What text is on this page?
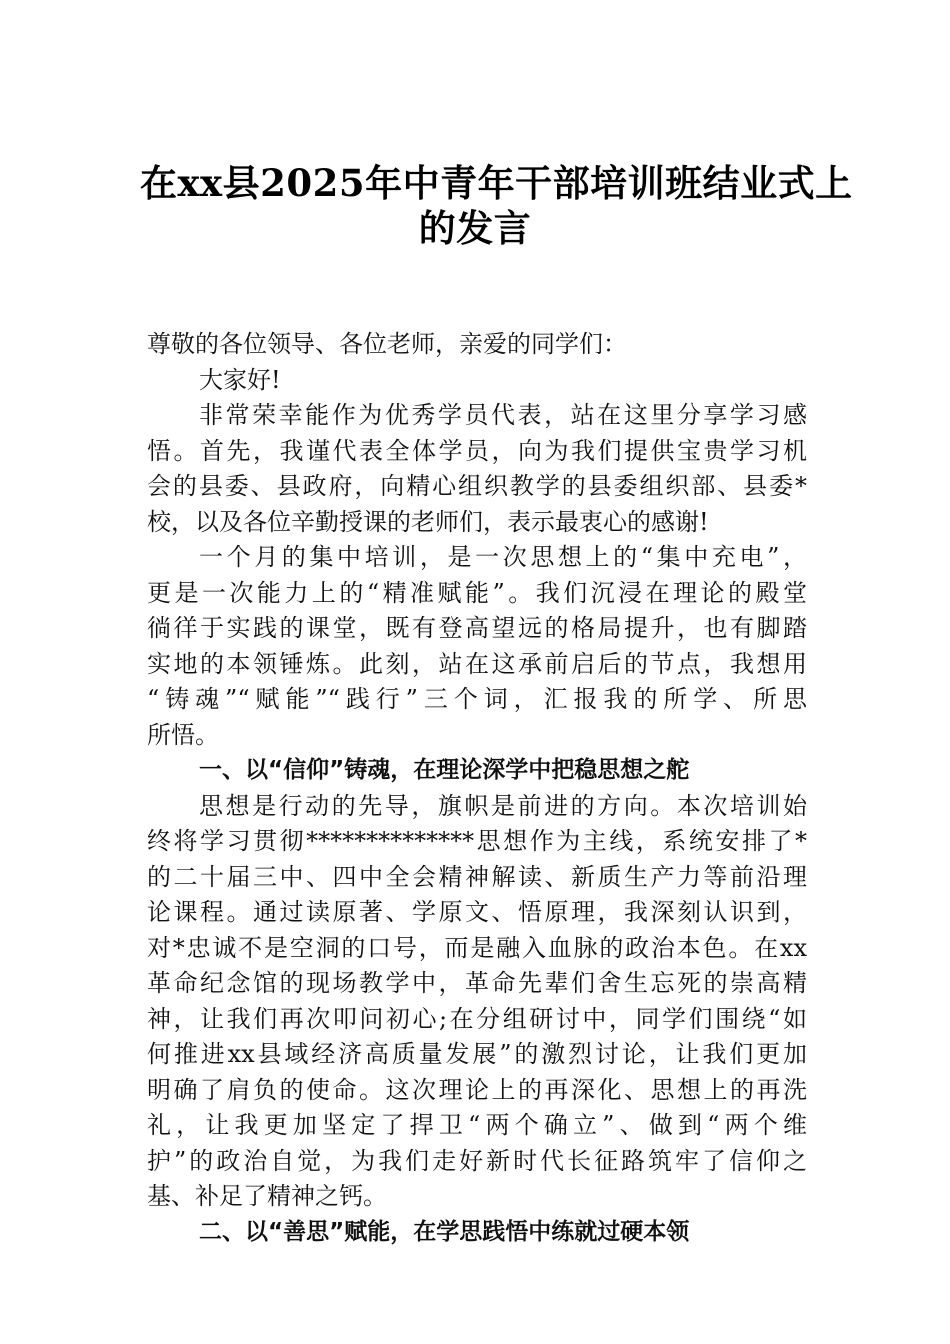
在xx县2025年中青年干部培训班结业式上
的发言
尊敬的各位领导、各位老师，亲爱的同学们：
大家好!
非常荣幸能作为优秀学员代表，站在这里分享学习感
悟。首先，我谨代表全体学员，向为我们提供宝贵学习机
会的县委、县政府，向精心组织教学的县委组织部、县委*
校，以及各位辛勤授课的老师们，表示最衷心的感谢!
一个月的集中培训，是一次思想上的“集中充电”，
更是一次能力上的“精准赋能”。我们沉浸在理论的殿堂
徜徉于实践的课堂，既有登高望远的格局提升，也有脚踏
实地的本领锤炼。此刻，站在这承前启后的节点，我想用
“铸魂”“赋能”“践行”三个词，汇报我的所学、所思
所悟。
一、以“信仰”铸魂，在理论深学中把稳思想之舵
思想是行动的先导，旗帜是前进的方向。本次培训始
终将学习贯彻**************思想作为主线，系统安排了*
的二十届三中、四中全会精神解读、新质生产力等前沿理
论课程。通过读原著、学原文、悟原理，我深刻认识到，
对*忠诚不是空洞的口号，而是融入血脉的政治本色。在xx
革命纪念馆的现场教学中，革命先辈们舍生忘死的崇高精
神，让我们再次叩问初心;在分组研讨中，同学们围绕“如
何推进xx县域经济高质量发展”的激烈讨论，让我们更加
明确了肩负的使命。这次理论上的再深化、思想上的再洗
礼，让我更加坚定了捍卫“两个确立”、做到“两个维
护”的政治自觉，为我们走好新时代长征路筑牢了信仰之
基、补足了精神之钙。
二、以“善思”赋能，在学思践悟中练就过硬本领
